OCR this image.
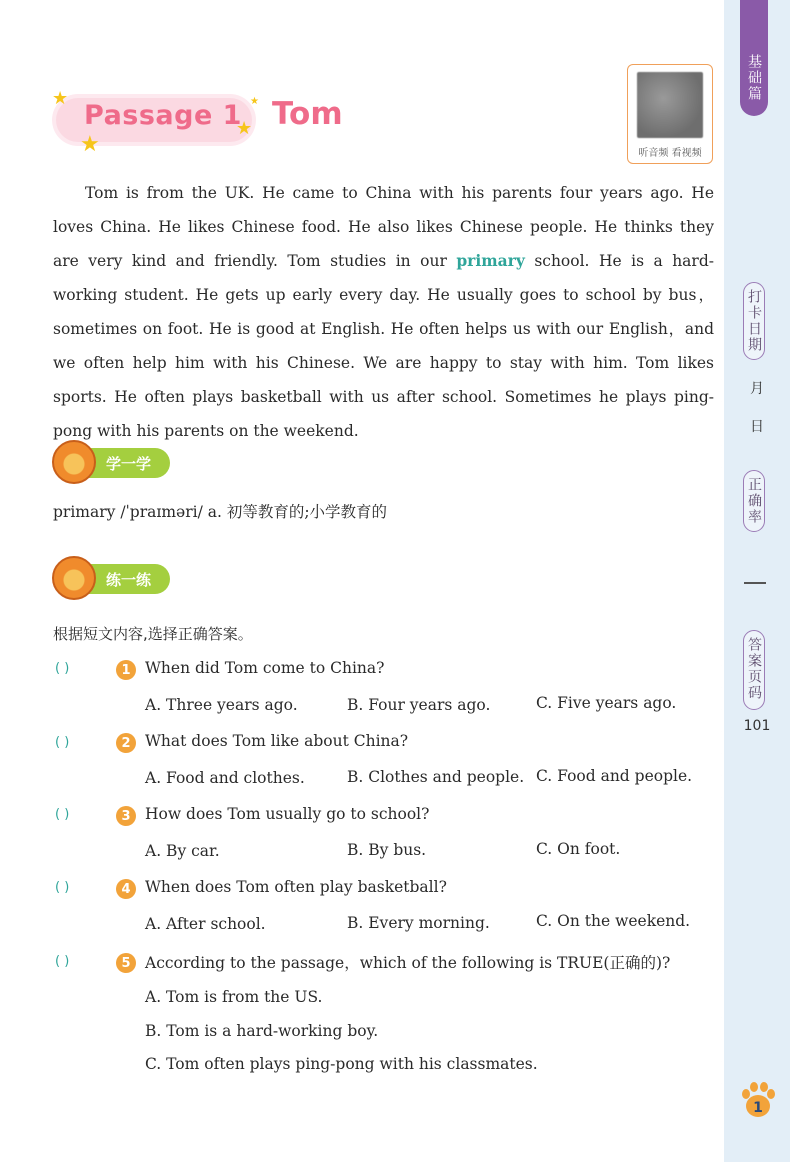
基础篇
打卡日期
月
日
正确率
答案页码
101
1
★
★
★
★
Passage 1 Tom
听音频 看视频

Tom is from the UK. He came to China with his parents four years ago. He loves China. He likes Chinese food. He also likes Chinese people. He thinks they are very kind and friendly. Tom studies in our primary school. He is a hard-working student. He gets up early every day. He usually goes to school by bus，sometimes on foot. He is good at English. He often helps us with our English，and we often help him with his Chinese. We are happy to stay with him. Tom likes sports. He often plays basketball with us after school. Sometimes he plays ping-pong with his parents on the weekend.

学一学
primary /ˈpraɪməri/ a. 初等教育的;小学教育的
练一练
根据短文内容,选择正确答案。
( )	1 When did Tom come to China?
A. Three years ago.	B. Four years ago.	C. Five years ago.
( )	2 What does Tom like about China?
A. Food and clothes.	B. Clothes and people. C. Food and people.
( )	3 How does Tom usually go to school?
A. By car.	B. By bus.	C. On foot.
( )	4 When does Tom often play basketball?
A. After school.	B. Every morning.	C. On the weekend.
( )	5 According to the passage，which of the following is TRUE(正确的)?
A. Tom is from the US.
B. Tom is a hard-working boy.
C. Tom often plays ping-pong with his classmates.
